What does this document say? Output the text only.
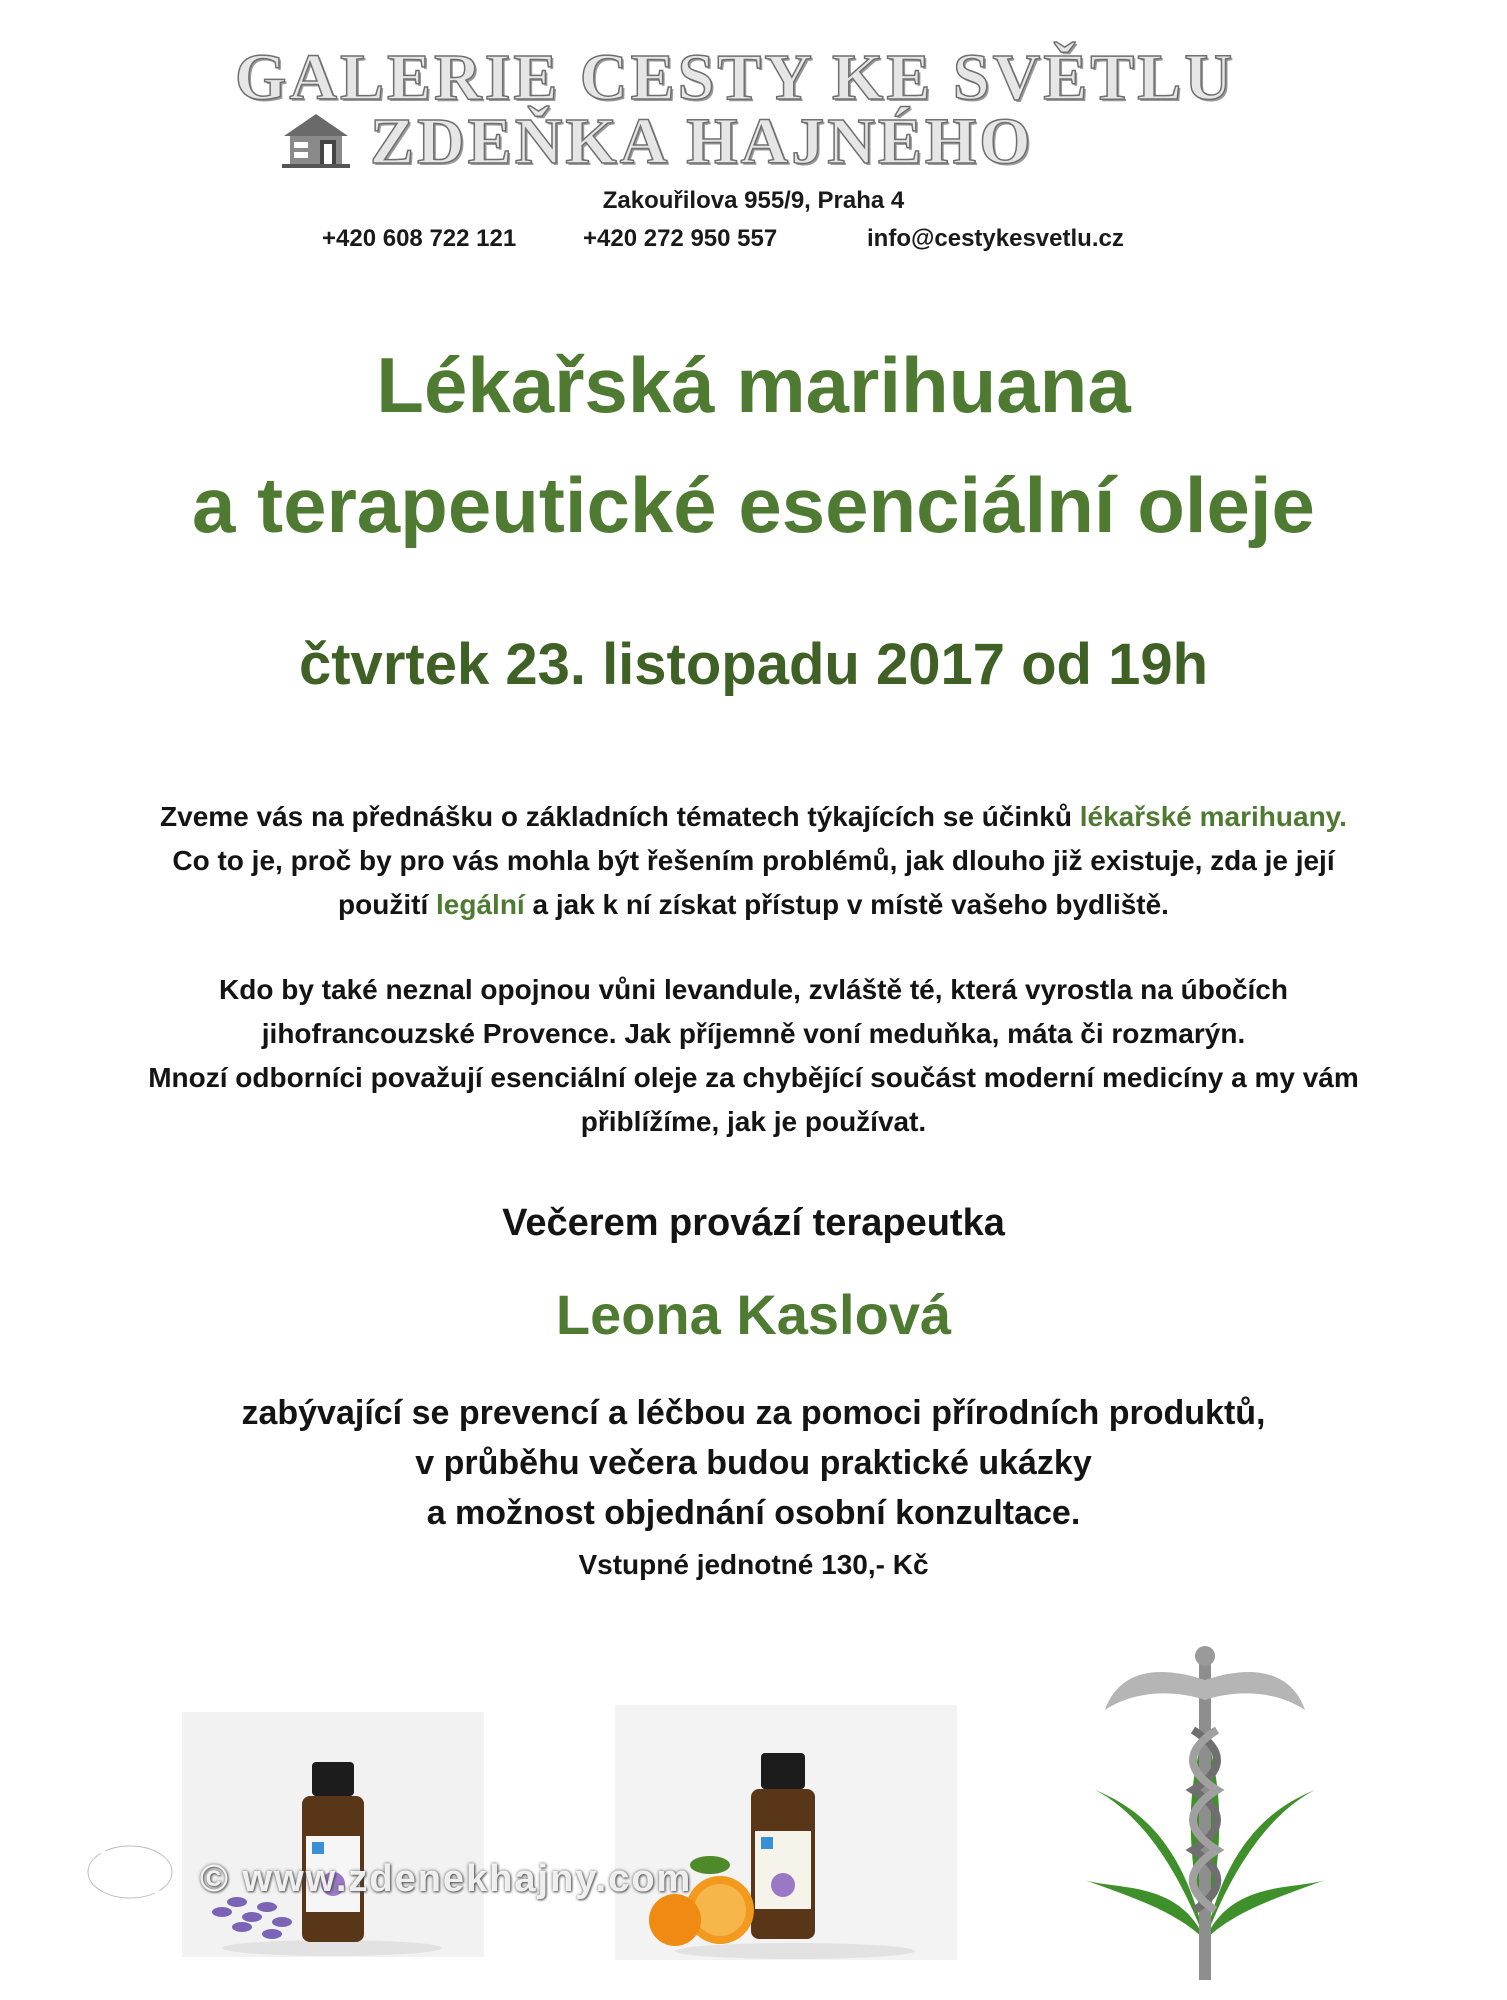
GALERIE CESTY KE SVĚTLU
ZDEŇKA HAJNÉHO
Zakouřilova 955/9, Praha 4
+420 608 722 121	+420 272 950 557	info@cestykesvetlu.cz
Lékařská marihuana
a terapeutické esenciální oleje
čtvrtek 23. listopadu 2017 od 19h
Zveme vás na přednášku o základních tématech týkajících se účinků lékařské marihuany.
Co to je, proč by pro vás mohla být řešením problémů, jak dlouho již existuje, zda je její
použití legální a jak k ní získat přístup v místě vašeho bydliště.
Kdo by také neznal opojnou vůni levandule, zvláště té, která vyrostla na úbočích
jihofrancouzské Provence. Jak příjemně voní meduňka, máta či rozmarýn.
Mnozí odborníci považují esenciální oleje za chybějící součást moderní medicíny a my vám
přiblížíme, jak je používat.
Večerem provází terapeutka
Leona Kaslová
zabývající se prevencí a léčbou za pomoci přírodních produktů,
v průběhu večera budou praktické ukázky
a možnost objednání osobní konzultace.
Vstupné jednotné 130,- Kč
© www.zdenekhajny.com
